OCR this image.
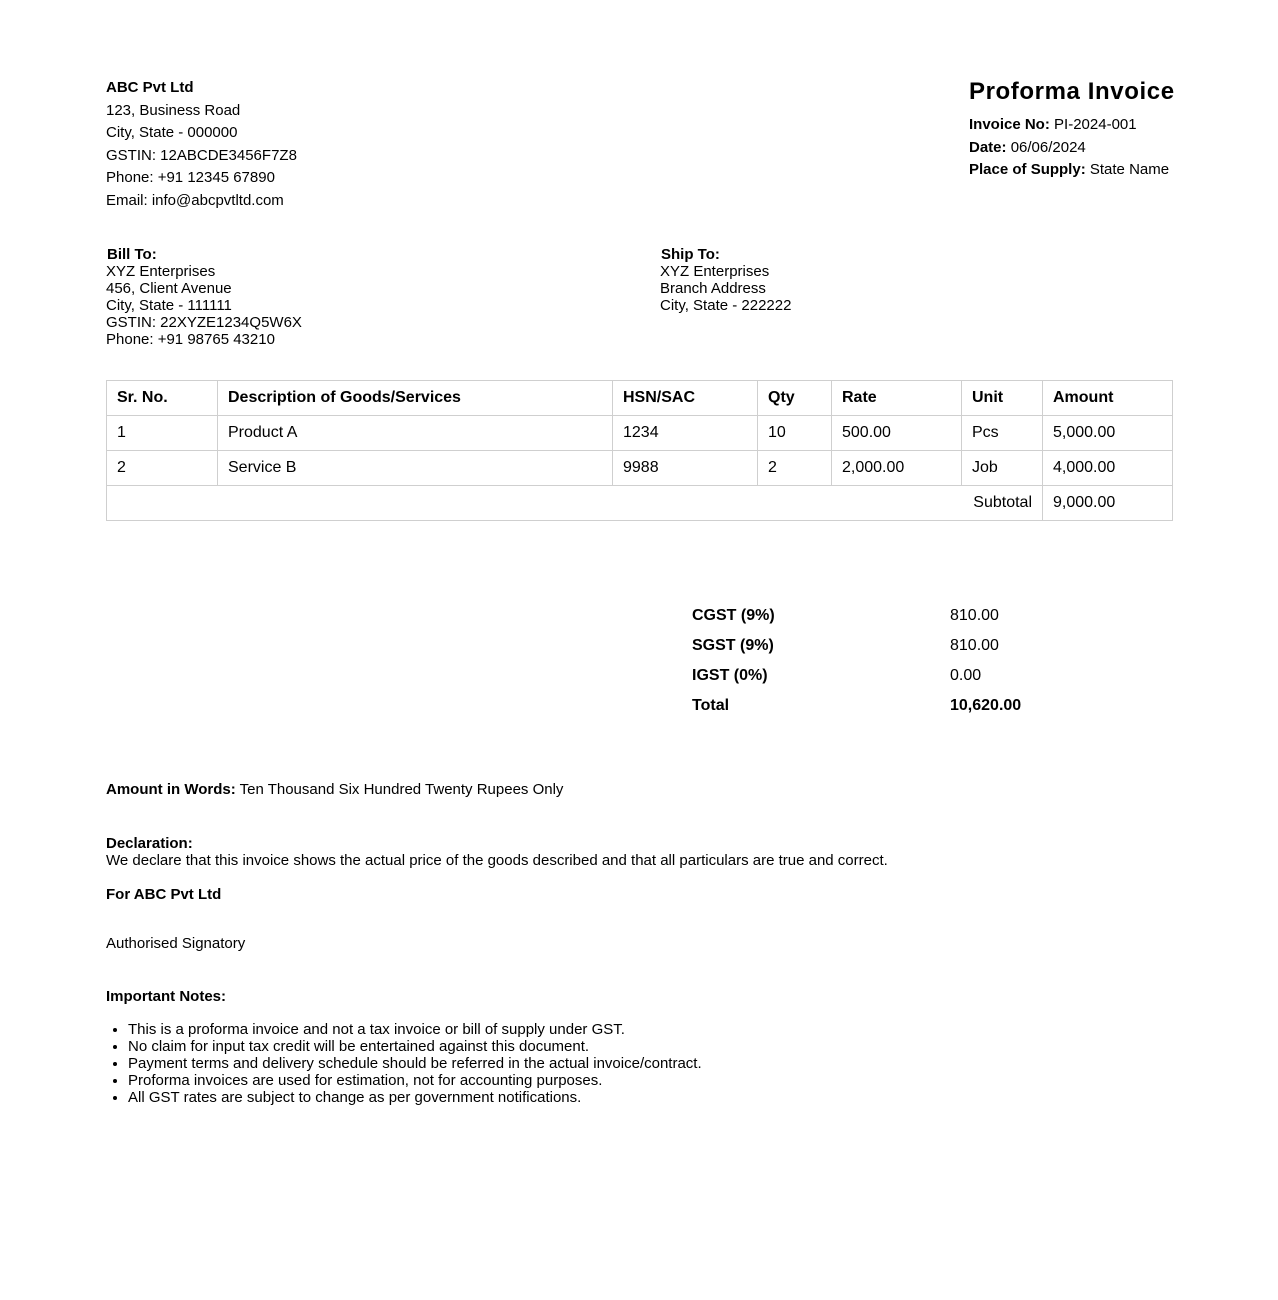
ABC Pvt Ltd
123, Business Road
City, State - 000000
GSTIN: 12ABCDE3456F7Z8
Phone: +91 12345 67890
Email: info@abcpvtltd.com
Proforma Invoice
Invoice No: PI-2024-001
Date: 06/06/2024
Place of Supply: State Name
Bill To:
XYZ Enterprises
456, Client Avenue
City, State - 111111
GSTIN: 22XYZE1234Q5W6X
Phone: +91 98765 43210
Ship To:
XYZ Enterprises
Branch Address
City, State - 222222
Sr. No.	Description of Goods/Services	HSN/SAC	Qty	Rate	Unit	Amount
1	Product A	1234	10	500.00	Pcs	5,000.00
2	Service B	9988	2	2,000.00	Job	4,000.00
Subtotal						9,000.00
CGST (9%)	810.00
SGST (9%)	810.00
IGST (0%)	0.00
Total	10,620.00
Amount in Words: Ten Thousand Six Hundred Twenty Rupees Only
Declaration:
We declare that this invoice shows the actual price of the goods described and that all particulars are true and correct.
For ABC Pvt Ltd
Authorised Signatory
Important Notes:
• This is a proforma invoice and not a tax invoice or bill of supply under GST.
• No claim for input tax credit will be entertained against this document.
• Payment terms and delivery schedule should be referred in the actual invoice/contract.
• Proforma invoices are used for estimation, not for accounting purposes.
• All GST rates are subject to change as per government notifications.
